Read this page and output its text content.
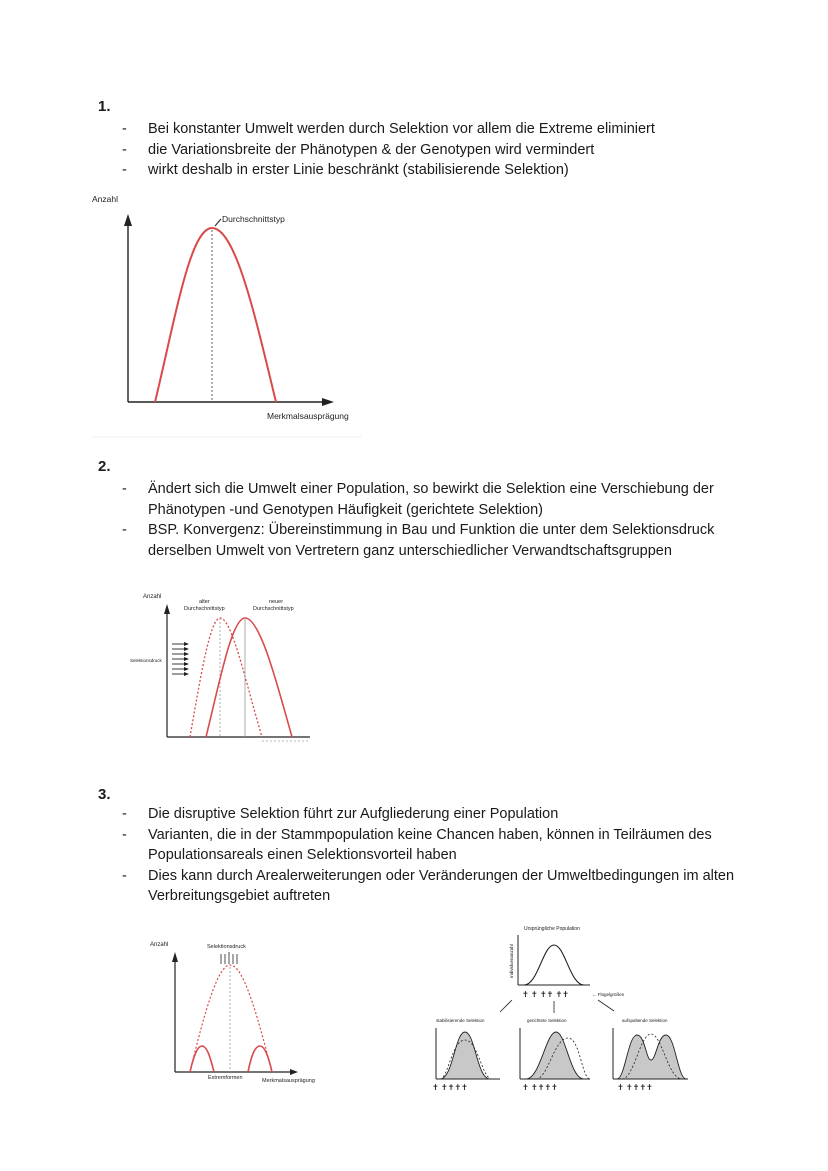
1.
- Bei konstanter Umwelt werden durch Selektion vor allem die Extreme eliminiert
- die Variationsbreite der Phänotypen & der Genotypen wird vermindert
- wirkt deshalb in erster Linie beschränkt (stabilisierende Selektion)
Anzahl
Durchschnittstyp
Merkmalsausprägung
2.
- Ändert sich die Umwelt einer Population, so bewirkt die Selektion eine Verschiebung der Phänotypen -und Genotypen Häufigkeit (gerichtete Selektion)
- BSP. Konvergenz: Übereinstimmung in Bau und Funktion die unter dem Selektionsdruck derselben Umwelt von Vertretern ganz unterschiedlicher Verwandtschaftsgruppen
Anzahl
alter
Durchschnittstyp
neuer
Durchschnittstyp
Selektionsdruck
3.
- Die disruptive Selektion führt zur Aufgliederung einer Population
- Varianten, die in der Stammpopulation keine Chancen haben, können in Teilräumen des Populationsareals einen Selektionsvorteil haben
- Dies kann durch Arealerweiterungen oder Veränderungen der Umweltbedingungen im alten Verbreitungsgebiet auftreten
Anzahl	Selektionsdruck
Extremformen	Merkmalsausprägung
Ursprüngliche Population
Individuenanzahl
✝ ✝ ✝✝ ✝✝	← Flügelgrößen
stabilisierende Selektion
✝ ✝✝✝✝
gerichtete Selektion
✝ ✝✝✝✝
aufspaltende Selektion
✝ ✝✝✝✝
